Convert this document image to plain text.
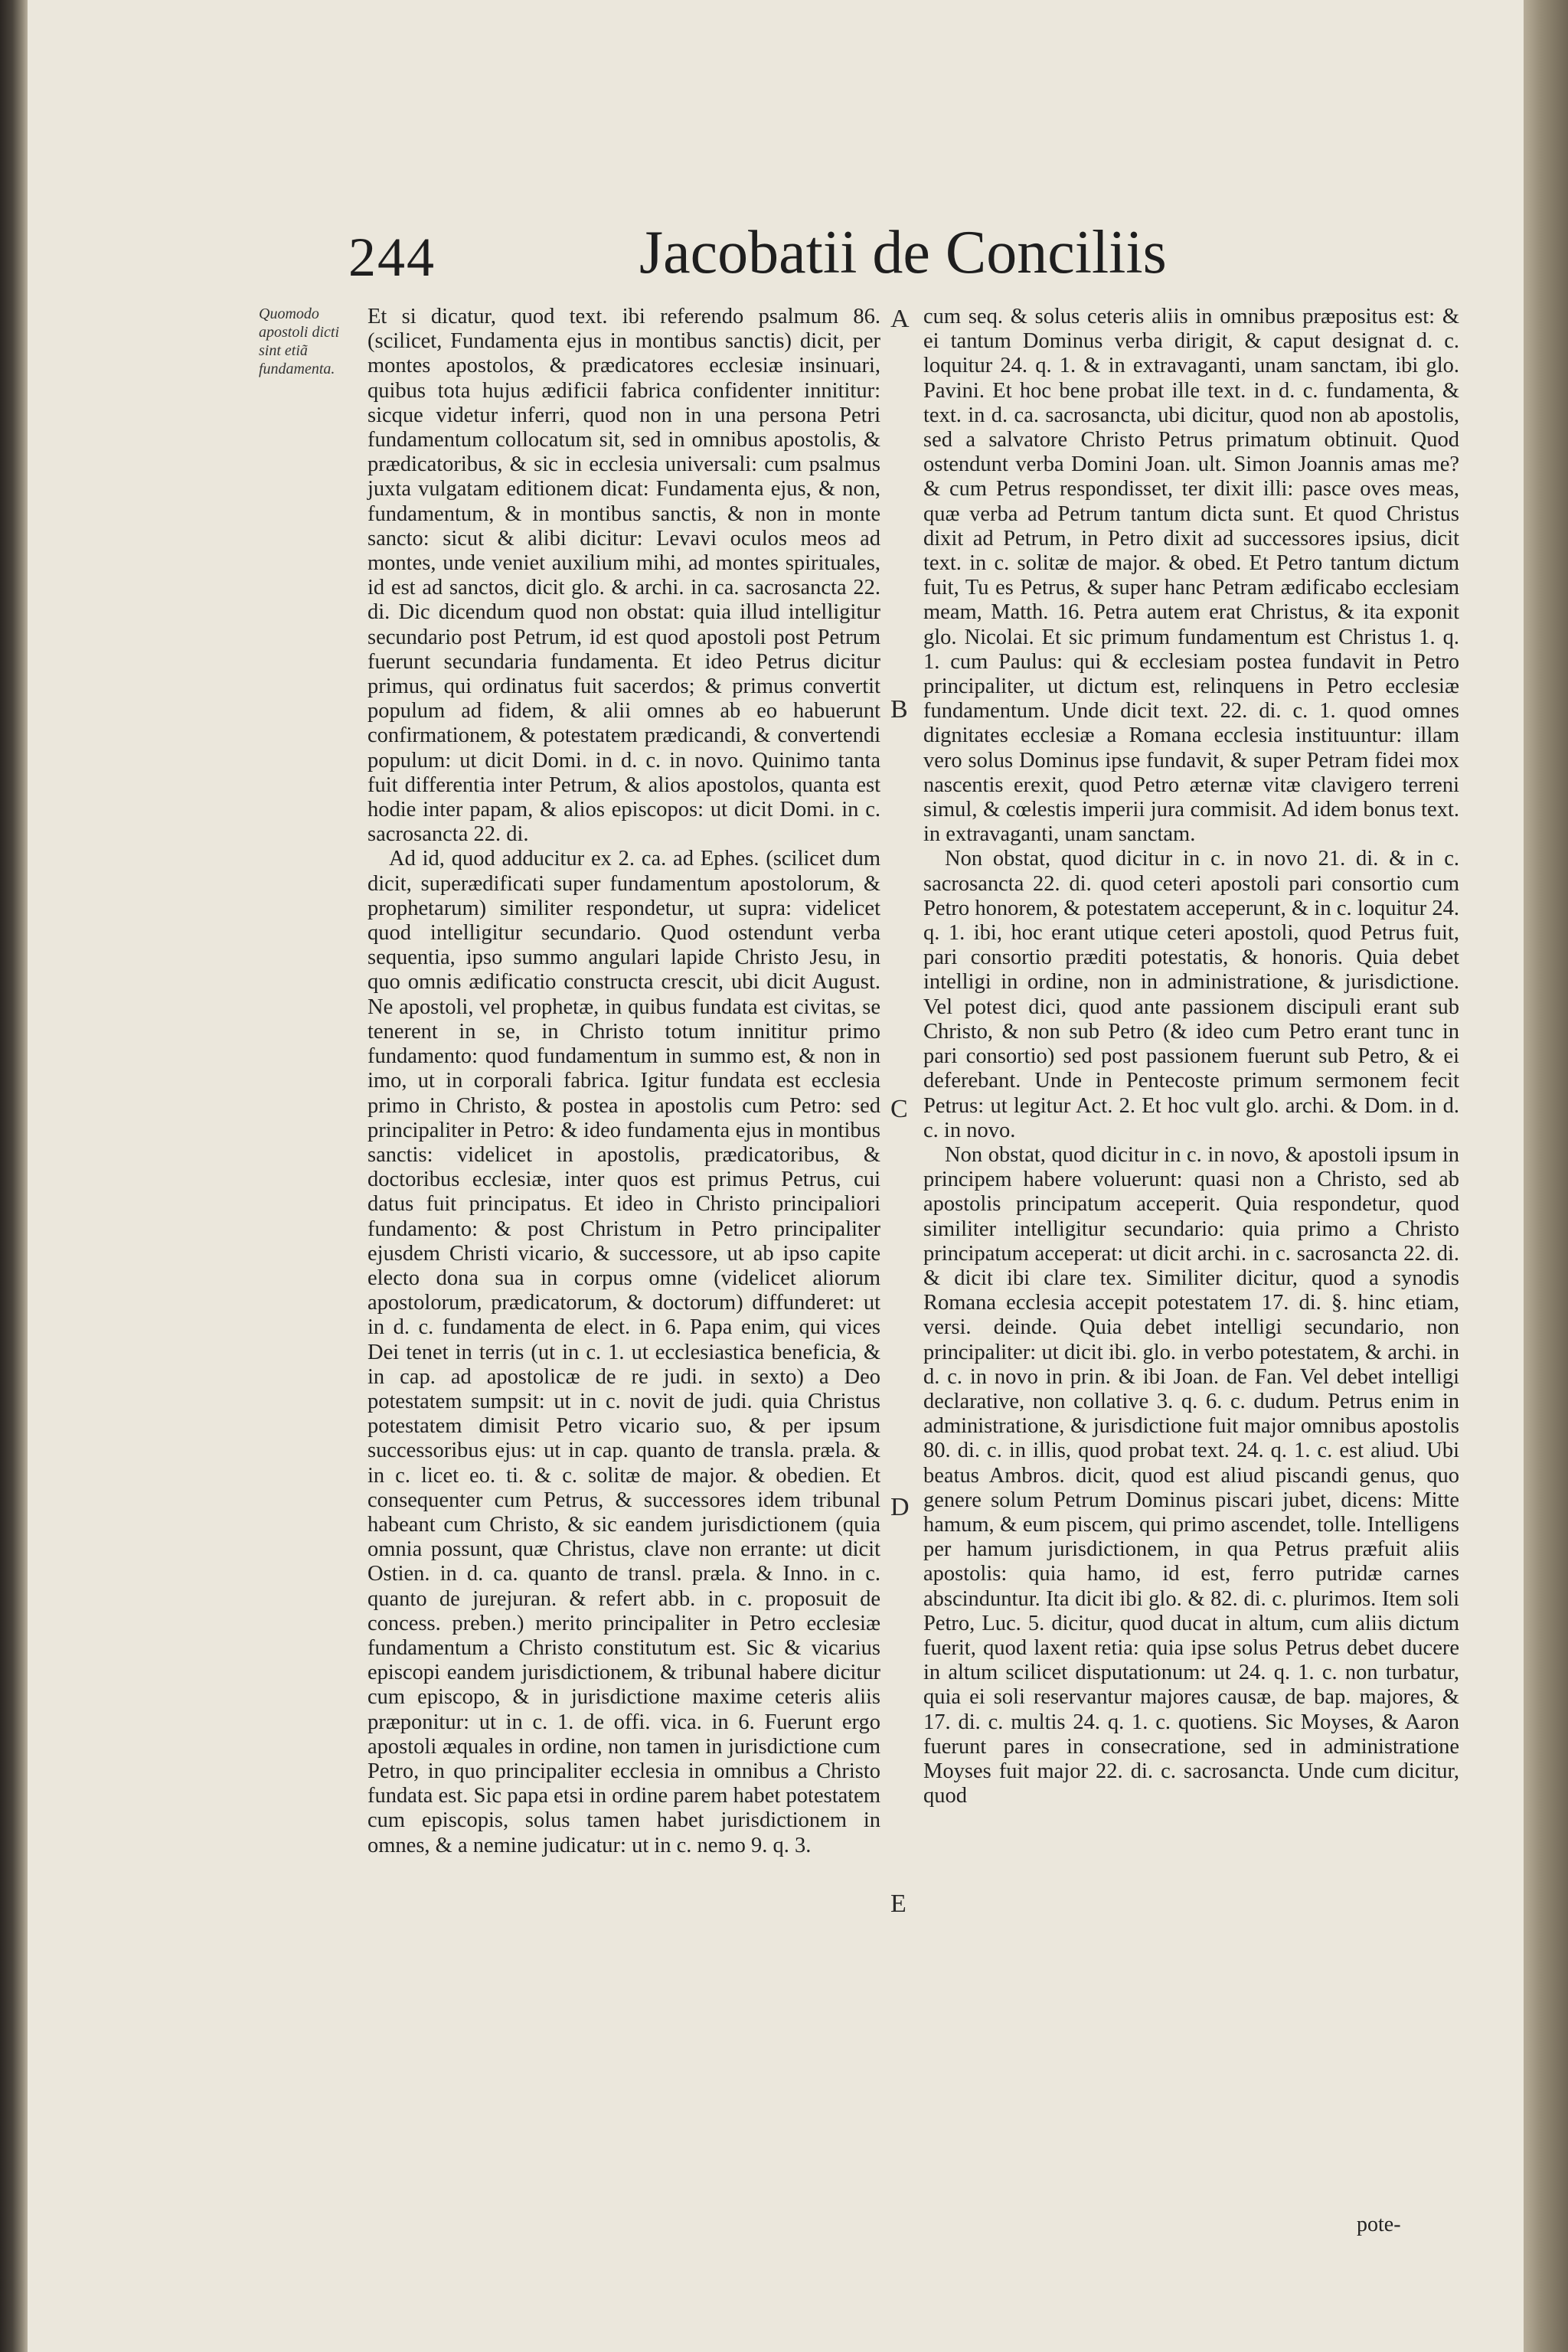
244	Jacobatii de Conciliis
Quomodo apostoli dicti sint etiã fundamenta.

Et si dicatur, quod text. ibi referendo psalmum 86. (scilicet, Fundamenta ejus in montibus sanctis) dicit, per montes apostolos, & prædicatores ecclesiæ insinuari, quibus tota hujus ædificii fabrica confidenter innititur: sicque videtur inferri, quod non in una persona Petri fundamentum collocatum sit, sed in omnibus apostolis, & prædicatoribus, & sic in ecclesia universali: cum psalmus juxta vulgatam editionem dicat: Fundamenta ejus, & non, fundamentum, & in montibus sanctis, & non in monte sancto: sicut & alibi dicitur: Levavi oculos meos ad montes, unde veniet auxilium mihi, ad montes spirituales, id est ad sanctos, dicit glo. & archi. in ca. sacrosancta 22. di. Dic dicendum quod non obstat: quia illud intelligitur secundario post Petrum, id est quod apostoli post Petrum fuerunt secundaria fundamenta. Et ideo Petrus dicitur primus, qui ordinatus fuit sacerdos; & primus convertit populum ad fidem, & alii omnes ab eo habuerunt confirmationem, & potestatem prædicandi, & convertendi populum: ut dicit Domi. in d. c. in novo. Quinimo tanta fuit differentia inter Petrum, & alios apostolos, quanta est hodie inter papam, & alios episcopos: ut dicit Domi. in c. sacrosancta 22. di.

Ad id, quod adducitur ex 2. ca. ad Ephes. (scilicet dum dicit, superædificati super fundamentum apostolorum, & prophetarum) similiter respondetur, ut supra: videlicet quod intelligitur secundario. Quod ostendunt verba sequentia, ipso summo angulari lapide Christo Jesu, in quo omnis ædificatio constructa crescit, ubi dicit August. Ne apostoli, vel prophetæ, in quibus fundata est civitas, se tenerent in se, in Christo totum innititur primo fundamento: quod fundamentum in summo est, & non in imo, ut in corporali fabrica. Igitur fundata est ecclesia primo in Christo, & postea in apostolis cum Petro: sed principaliter in Petro: & ideo fundamenta ejus in montibus sanctis: videlicet in apostolis, prædicatoribus, & doctoribus ecclesiæ, inter quos est primus Petrus, cui datus fuit principatus. Et ideo in Christo principaliori fundamento: & post Christum in Petro principaliter ejusdem Christi vicario, & successore, ut ab ipso capite electo dona sua in corpus omne (videlicet aliorum apostolorum, prædicatorum, & doctorum) diffunderet: ut in d. c. fundamenta de elect. in 6. Papa enim, qui vices Dei tenet in terris (ut in c. 1. ut ecclesiastica beneficia, & in cap. ad apostolicæ de re judi. in sexto) a Deo potestatem sumpsit: ut in c. novit de judi. quia Christus potestatem dimisit Petro vicario suo, & per ipsum successoribus ejus: ut in cap. quanto de transla. præla. & in c. licet eo. ti. & c. solitæ de major. & obedien. Et consequenter cum Petrus, & successores idem tribunal habeant cum Christo, & sic eandem jurisdictionem (quia omnia possunt, quæ Christus, clave non errante: ut dicit Ostien. in d. ca. quanto de transl. præla. & Inno. in c. quanto de jurejuran. & refert abb. in c. proposuit de concess. preben.) merito principaliter in Petro ecclesiæ fundamentum a Christo constitutum est. Sic & vicarius episcopi eandem jurisdictionem, & tribunal habere dicitur cum episcopo, & in jurisdictione maxime ceteris aliis præponitur: ut in c. 1. de offi. vica. in 6. Fuerunt ergo apostoli æquales in ordine, non tamen in jurisdictione cum Petro, in quo principaliter ecclesia in omnibus a Christo fundata est. Sic papa etsi in ordine parem habet potestatem cum episcopis, solus tamen habet jurisdictionem in omnes, & a nemine judicatur: ut in c. nemo 9. q. 3.

A
B
C
D
E

cum seq. & solus ceteris aliis in omnibus præpositus est: & ei tantum Dominus verba dirigit, & caput designat d. c. loquitur 24. q. 1. & in extravaganti, unam sanctam, ibi glo. Pavini. Et hoc bene probat ille text. in d. c. fundamenta, & text. in d. ca. sacrosancta, ubi dicitur, quod non ab apostolis, sed a salvatore Christo Petrus primatum obtinuit. Quod ostendunt verba Domini Joan. ult. Simon Joannis amas me? & cum Petrus respondisset, ter dixit illi: pasce oves meas, quæ verba ad Petrum tantum dicta sunt. Et quod Christus dixit ad Petrum, in Petro dixit ad successores ipsius, dicit text. in c. solitæ de major. & obed. Et Petro tantum dictum fuit, Tu es Petrus, & super hanc Petram ædificabo ecclesiam meam, Matth. 16. Petra autem erat Christus, & ita exponit glo. Nicolai. Et sic primum fundamentum est Christus 1. q. 1. cum Paulus: qui & ecclesiam postea fundavit in Petro principaliter, ut dictum est, relinquens in Petro ecclesiæ fundamentum. Unde dicit text. 22. di. c. 1. quod omnes dignitates ecclesiæ a Romana ecclesia instituuntur: illam vero solus Dominus ipse fundavit, & super Petram fidei mox nascentis erexit, quod Petro æternæ vitæ clavigero terreni simul, & cœlestis imperii jura commisit. Ad idem bonus text. in extravaganti, unam sanctam.

Non obstat, quod dicitur in c. in novo 21. di. & in c. sacrosancta 22. di. quod ceteri apostoli pari consortio cum Petro honorem, & potestatem acceperunt, & in c. loquitur 24. q. 1. ibi, hoc erant utique ceteri apostoli, quod Petrus fuit, pari consortio præditi potestatis, & honoris. Quia debet intelligi in ordine, non in administratione, & jurisdictione. Vel potest dici, quod ante passionem discipuli erant sub Christo, & non sub Petro (& ideo cum Petro erant tunc in pari consortio) sed post passionem fuerunt sub Petro, & ei deferebant. Unde in Pentecoste primum sermonem fecit Petrus: ut legitur Act. 2. Et hoc vult glo. archi. & Dom. in d. c. in novo.

Non obstat, quod dicitur in c. in novo, & apostoli ipsum in principem habere voluerunt: quasi non a Christo, sed ab apostolis principatum acceperit. Quia respondetur, quod similiter intelligitur secundario: quia primo a Christo principatum acceperat: ut dicit archi. in c. sacrosancta 22. di. & dicit ibi clare tex. Similiter dicitur, quod a synodis Romana ecclesia accepit potestatem 17. di. §. hinc etiam, versi. deinde. Quia debet intelligi secundario, non principaliter: ut dicit ibi. glo. in verbo potestatem, & archi. in d. c. in novo in prin. & ibi Joan. de Fan. Vel debet intelligi declarative, non collative 3. q. 6. c. dudum. Petrus enim in administratione, & jurisdictione fuit major omnibus apostolis 80. di. c. in illis, quod probat text. 24. q. 1. c. est aliud. Ubi beatus Ambros. dicit, quod est aliud piscandi genus, quo genere solum Petrum Dominus piscari jubet, dicens: Mitte hamum, & eum piscem, qui primo ascendet, tolle. Intelligens per hamum jurisdictionem, in qua Petrus præfuit aliis apostolis: quia hamo, id est, ferro putridæ carnes abscinduntur. Ita dicit ibi glo. & 82. di. c. plurimos. Item soli Petro, Luc. 5. dicitur, quod ducat in altum, cum aliis dictum fuerit, quod laxent retia: quia ipse solus Petrus debet ducere in altum scilicet disputationum: ut 24. q. 1. c. non turbatur, quia ei soli reservantur majores causæ, de bap. majores, & 17. di. c. multis 24. q. 1. c. quotiens. Sic Moyses, & Aaron fuerunt pares in consecratione, sed in administratione Moyses fuit major 22. di. c. sacrosancta. Unde cum dicitur, quod

pote-
